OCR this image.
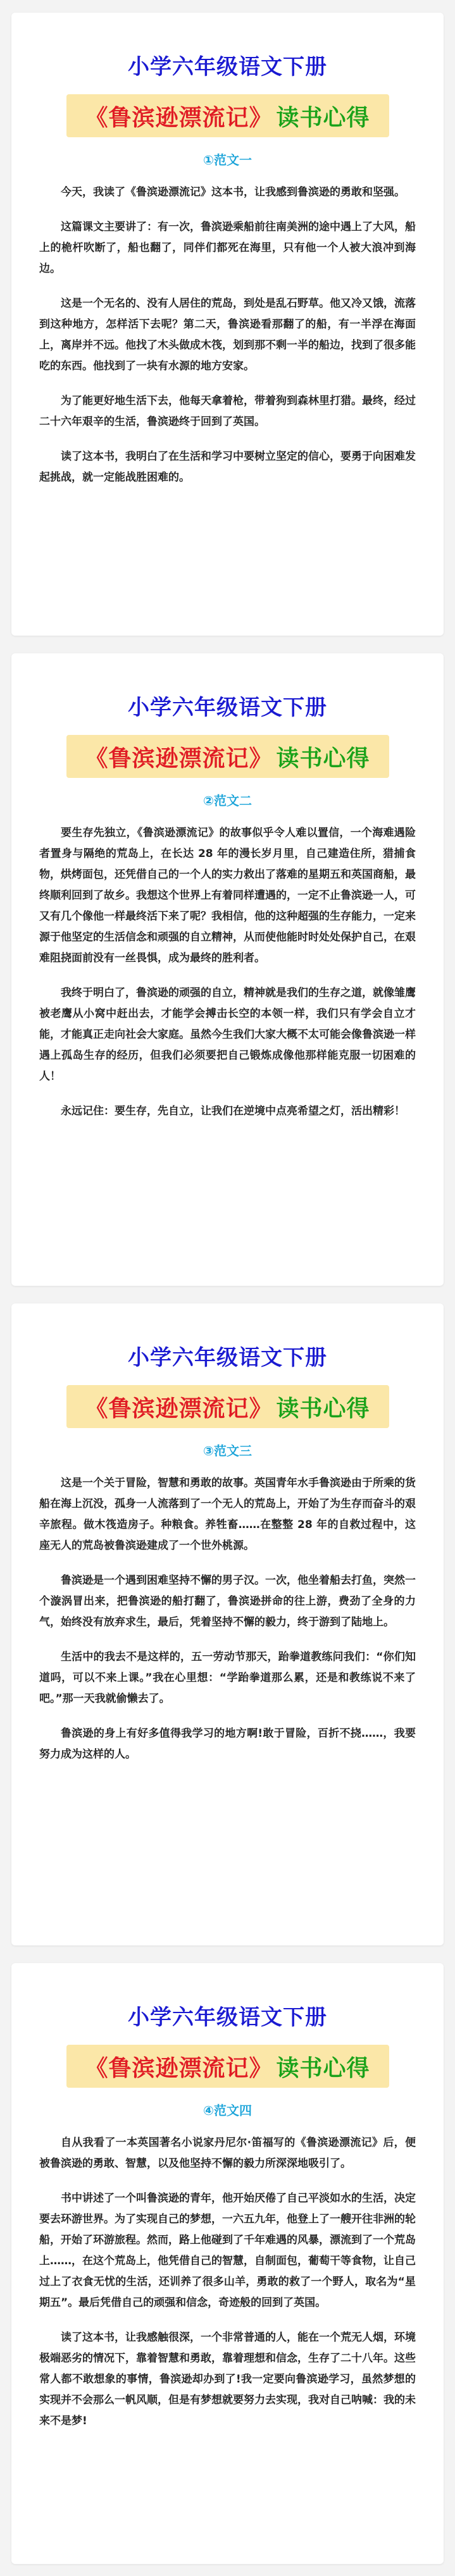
小学六年级语文下册
《鲁滨逊漂流记》 读书心得
①范文一

今天，我读了《鲁滨逊漂流记》这本书，让我感到鲁滨逊的勇敢和坚强。

这篇课文主要讲了：有一次，鲁滨逊乘船前往南美洲的途中遇上了大风，船上的桅杆吹断了，船也翻了，同伴们都死在海里，只有他一个人被大浪冲到海边。

这是一个无名的、没有人居住的荒岛，到处是乱石野草。他又冷又饿，流落到这种地方，怎样活下去呢？第二天，鲁滨逊看那翻了的船，有一半浮在海面上，离岸并不远。他找了木头做成木筏，划到那不剩一半的船边，找到了很多能吃的东西。他找到了一块有水源的地方安家。

为了能更好地生活下去，他每天拿着枪，带着狗到森林里打猎。最终，经过二十六年艰辛的生活，鲁滨逊终于回到了英国。

读了这本书，我明白了在生活和学习中要树立坚定的信心，要勇于向困难发起挑战，就一定能战胜困难的。

小学六年级语文下册
《鲁滨逊漂流记》 读书心得
②范文二

要生存先独立，《鲁滨逊漂流记》的故事似乎令人难以置信，一个海难遇险者置身与隔绝的荒岛上，在长达 28 年的漫长岁月里，自己建造住所，猎捕食物，烘烤面包，还凭借自己的一个人的实力救出了落难的星期五和英国商船，最终顺利回到了故乡。我想这个世界上有着同样遭遇的，一定不止鲁滨逊一人，可又有几个像他一样最终活下来了呢？我相信，他的这种超强的生存能力，一定来源于他坚定的生活信念和顽强的自立精神，从而使他能时时处处保护自己，在艰难阻挠面前没有一丝畏惧，成为最终的胜利者。

我终于明白了，鲁滨逊的顽强的自立，精神就是我们的生存之道，就像雏鹰被老鹰从小窝中赶出去，才能学会搏击长空的本领一样，我们只有学会自立才能，才能真正走向社会大家庭。虽然今生我们大家大概不太可能会像鲁滨逊一样遇上孤岛生存的经历，但我们必须要把自己锻炼成像他那样能克服一切困难的人！

永远记住：要生存，先自立，让我们在逆境中点亮希望之灯，活出精彩！

小学六年级语文下册
《鲁滨逊漂流记》 读书心得
③范文三

这是一个关于冒险，智慧和勇敢的故事。英国青年水手鲁滨逊由于所乘的货船在海上沉没，孤身一人流落到了一个无人的荒岛上，开始了为生存而奋斗的艰辛旅程。做木筏造房子。种粮食。养牲畜……在整整 28 年的自救过程中，这座无人的荒岛被鲁滨逊建成了一个世外桃源。

鲁滨逊是一个遇到困难坚持不懈的男子汉。一次，他坐着船去打鱼，突然一个漩涡冒出来，把鲁滨逊的船打翻了，鲁滨逊拼命的往上游，费劲了全身的力气，始终没有放弃求生，最后，凭着坚持不懈的毅力，终于游到了陆地上。

生活中的我去不是这样的，五一劳动节那天，跆拳道教练问我们：“你们知道吗，可以不来上课。”我在心里想：“学跆拳道那么累，还是和教练说不来了吧。”那一天我就偷懒去了。

鲁滨逊的身上有好多值得我学习的地方啊!敢于冒险，百折不挠……，我要努力成为这样的人。

小学六年级语文下册
《鲁滨逊漂流记》 读书心得
④范文四

自从我看了一本英国著名小说家丹尼尔·笛福写的《鲁滨逊漂流记》后，便被鲁滨逊的勇敢、智慧，以及他坚持不懈的毅力所深深地吸引了。

书中讲述了一个叫鲁滨逊的青年，他开始厌倦了自己平淡如水的生活，决定要去环游世界。为了实现自己的梦想，一六五九年，他登上了一艘开往非洲的轮船，开始了环游旅程。然而，路上他碰到了千年难遇的风暴，漂流到了一个荒岛上……，在这个荒岛上，他凭借自己的智慧，自制面包，葡萄干等食物，让自己过上了衣食无忧的生活，还训养了很多山羊，勇敢的救了一个野人，取名为“星期五”。最后凭借自己的顽强和信念，奇迹般的回到了英国。

读了这本书，让我感触很深，一个非常普通的人，能在一个荒无人烟，环境极端恶劣的情况下，靠着智慧和勇敢，靠着理想和信念，生存了二十八年。这些常人都不敢想象的事情，鲁滨逊却办到了!我一定要向鲁滨逊学习，虽然梦想的实现并不会那么一帆风顺，但是有梦想就要努力去实现，我对自己呐喊：我的未来不是梦!
